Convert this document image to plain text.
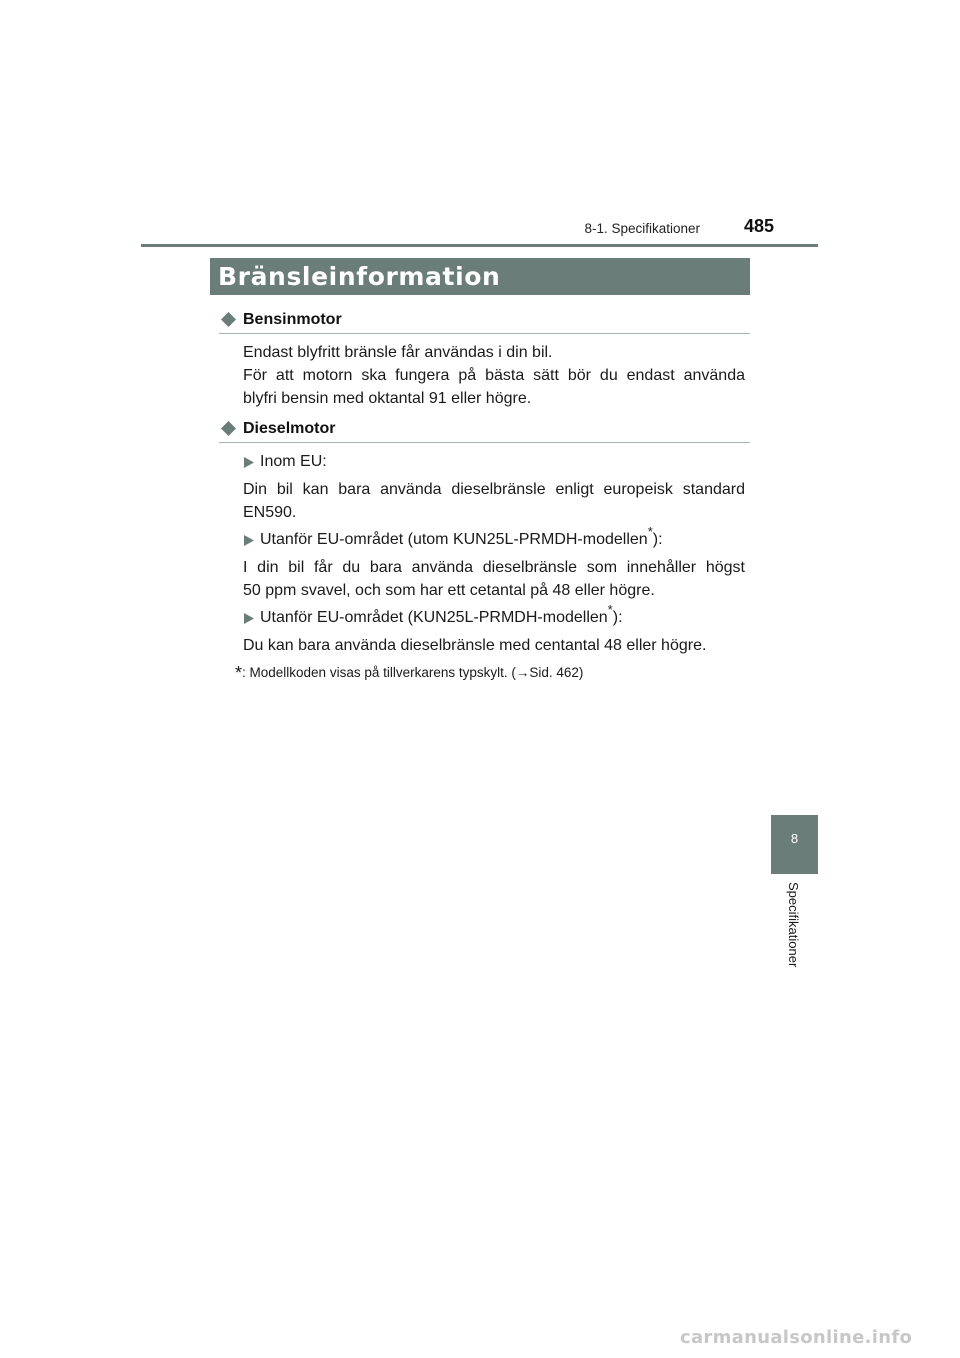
8-1. Specifikationer	485
Bränsleinformation
Bensinmotor
Endast blyfritt bränsle får användas i din bil.
För att motorn ska fungera på bästa sätt bör du endast använda
blyfri bensin med oktantal 91 eller högre.
Dieselmotor
Inom EU:
Din bil kan bara använda dieselbränsle enligt europeisk standard
EN590.
Utanför EU-området (utom KUN25L-PRMDH-modellen*):
I din bil får du bara använda dieselbränsle som innehåller högst
50 ppm svavel, och som har ett cetantal på 48 eller högre.
Utanför EU-området (KUN25L-PRMDH-modellen*):
Du kan bara använda dieselbränsle med centantal 48 eller högre.
*: Modellkoden visas på tillverkarens typskylt. (→Sid. 462)
8
Specifikationer
carmanualsonline.info
